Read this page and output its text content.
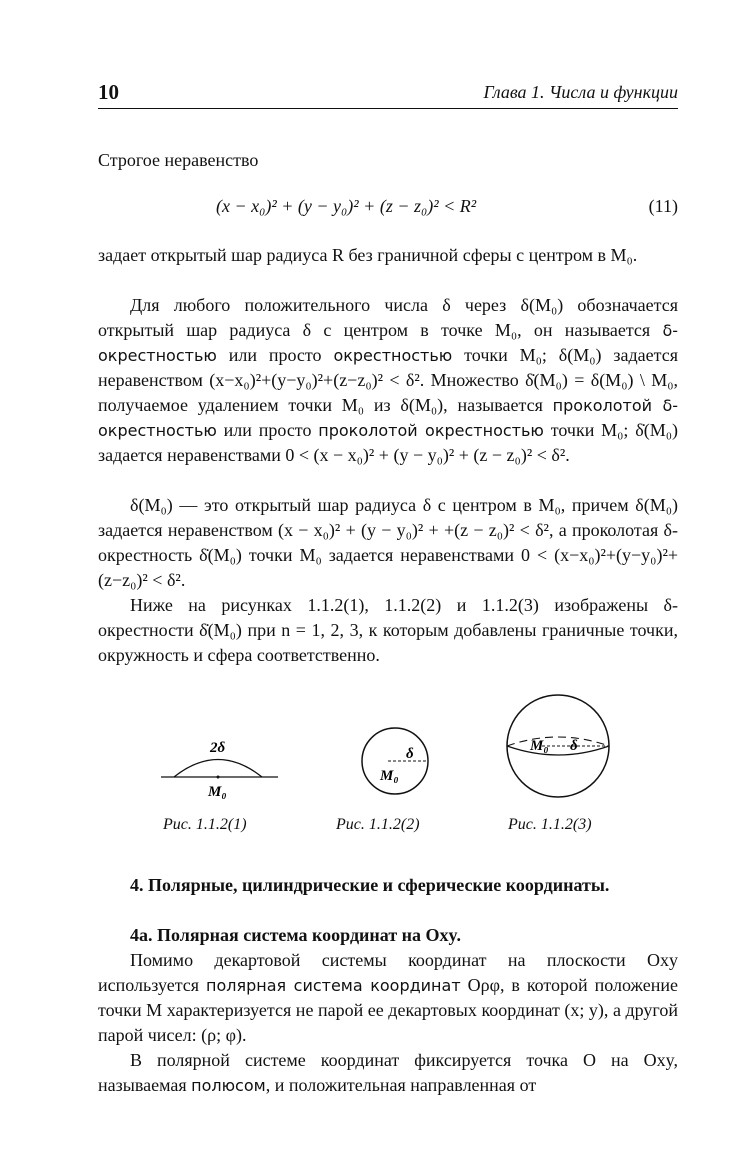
10	Глава 1. Числа и функции
Строгое неравенство
(x − x₀)² + (y − y₀)² + (z − z₀)² < R²	(11)
задает открытый шар радиуса R без граничной сферы с центром в M₀.
Для любого положительного числа δ через δ(M₀) обозначается открытый шар радиуса δ с центром в точке M₀, он называется δ-окрестностью или просто окрестностью точки M₀; δ(M₀) задается неравенством (x−x₀)²+(y−y₀)²+(z−z₀)² < δ². Множество δ̇(M₀) = δ(M₀) \ M₀, получаемое удалением точки M₀ из δ(M₀), называется проколотой δ-окрестностью или просто проколотой окрестностью точки M₀; δ̇(M₀) задается неравенствами 0 < (x − x₀)² + (y − y₀)² + (z − z₀)² < δ².
δ(M₀) — это открытый шар радиуса δ с центром в M₀, причем δ(M₀) задается неравенством (x − x₀)² + (y − y₀)² + +(z − z₀)² < δ², а проколотая δ-окрестность δ̇(M₀) точки M₀ задается неравенствами 0 < (x−x₀)²+(y−y₀)²+(z−z₀)² < δ².
Ниже на рисунках 1.1.2(1), 1.1.2(2) и 1.1.2(3) изображены δ-окрестности δ̇(M₀) при n = 1, 2, 3, к которым добавлены граничные точки, окружность и сфера соответственно.
2δ
M₀
δ
M₀
M₀ δ
Рис. 1.1.2(1)	Рис. 1.1.2(2)	Рис. 1.1.2(3)
4. Полярные, цилиндрические и сферические координаты.
4а. Полярная система координат на Oxy.
Помимо декартовой системы координат на плоскости Oxy используется полярная система координат Oρφ, в которой положение точки M характеризуется не парой ее декартовых координат (x; y), а другой парой чисел: (ρ; φ).
В полярной системе координат фиксируется точка O на Oxy, называемая полюсом, и положительная направленная от
